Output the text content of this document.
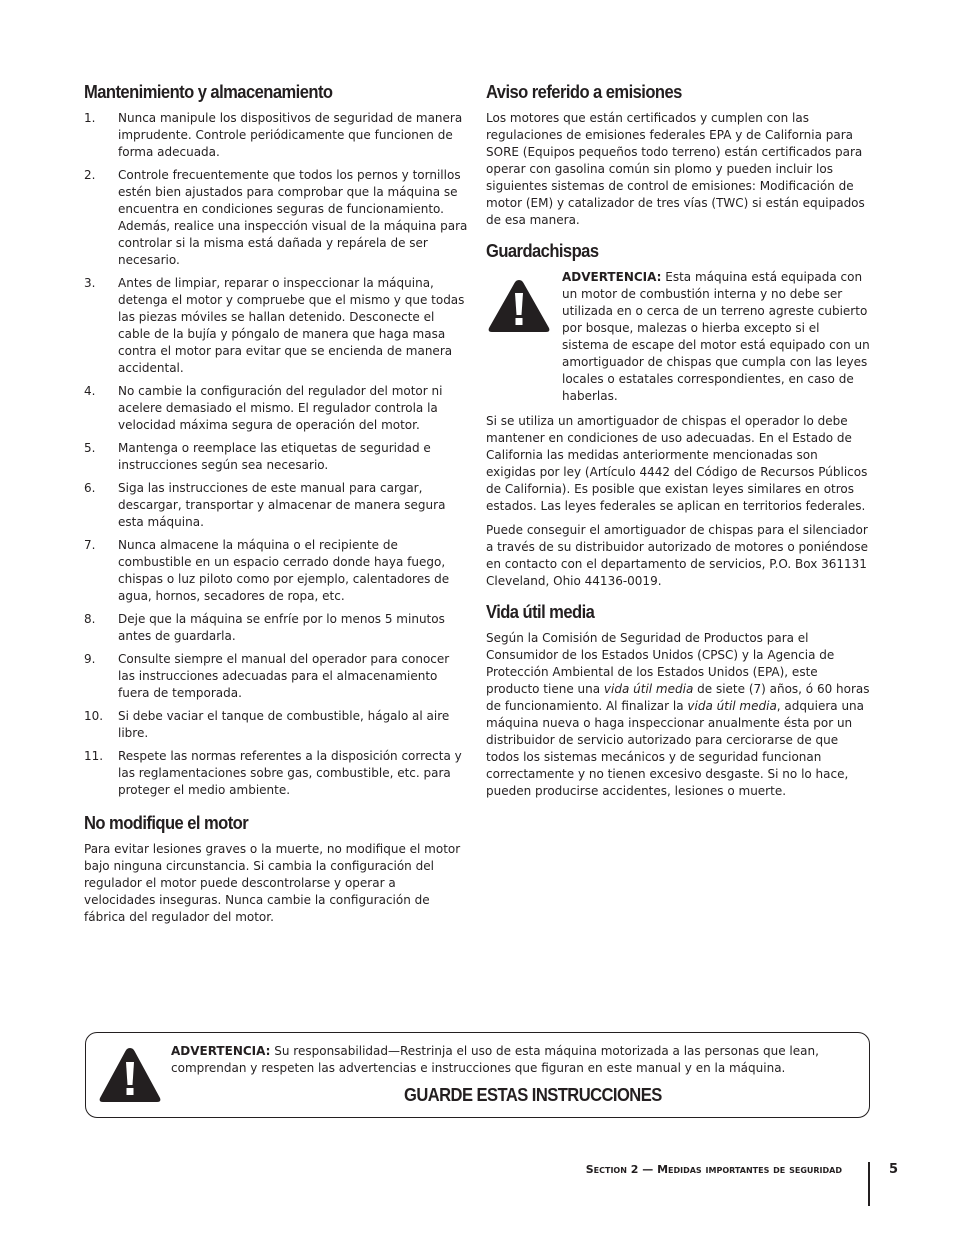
Mantenimiento y almacenamiento
1. Nunca manipule los dispositivos de seguridad de manera imprudente. Controle periódicamente que funcionen de forma adecuada.
2. Controle frecuentemente que todos los pernos y tornillos estén bien ajustados para comprobar que la máquina se encuentra en condiciones seguras de funcionamiento. Además, realice una inspección visual de la máquina para controlar si la misma está dañada y repárela de ser necesario.
3. Antes de limpiar, reparar o inspeccionar la máquina, detenga el motor y compruebe que el mismo y que todas las piezas móviles se hallan detenido. Desconecte el cable de la bujía y póngalo de manera que haga masa contra el motor para evitar que se encienda de manera accidental.
4. No cambie la configuración del regulador del motor ni acelere demasiado el mismo. El regulador controla la velocidad máxima segura de operación del motor.
5. Mantenga o reemplace las etiquetas de seguridad e instrucciones según sea necesario.
6. Siga las instrucciones de este manual para cargar, descargar, transportar y almacenar de manera segura esta máquina.
7. Nunca almacene la máquina o el recipiente de combustible en un espacio cerrado donde haya fuego, chispas o luz piloto como por ejemplo, calentadores de agua, hornos, secadores de ropa, etc.
8. Deje que la máquina se enfríe por lo menos 5 minutos antes de guardarla.
9. Consulte siempre el manual del operador para conocer las instrucciones adecuadas para el almacenamiento fuera de temporada.
10. Si debe vaciar el tanque de combustible, hágalo al aire libre.
11. Respete las normas referentes a la disposición correcta y las reglamentaciones sobre gas, combustible, etc. para proteger el medio ambiente.
No modifique el motor

Para evitar lesiones graves o la muerte, no modifique el motor bajo ninguna circunstancia. Si cambia la configuración del regulador el motor puede descontrolarse y operar a velocidades inseguras. Nunca cambie la configuración de fábrica del regulador del motor.

Aviso referido a emisiones

Los motores que están certificados y cumplen con las regulaciones de emisiones federales EPA y de California para SORE (Equipos pequeños todo terreno) están certificados para operar con gasolina común sin plomo y pueden incluir los siguientes sistemas de control de emisiones: Modificación de motor (EM) y catalizador de tres vías (TWC) si están equipados de esa manera.

Guardachispas

ADVERTENCIA: Esta máquina está equipada con un motor de combustión interna y no debe ser utilizada en o cerca de un terreno agreste cubierto por bosque, malezas o hierba excepto si el sistema de escape del motor está equipado con un amortiguador de chispas que cumpla con las leyes locales o estatales correspondientes, en caso de haberlas.

Si se utiliza un amortiguador de chispas el operador lo debe mantener en condiciones de uso adecuadas. En el Estado de California las medidas anteriormente mencionadas son exigidas por ley (Artículo 4442 del Código de Recursos Públicos de California). Es posible que existan leyes similares en otros estados. Las leyes federales se aplican en territorios federales.

Puede conseguir el amortiguador de chispas para el silenciador a través de su distribuidor autorizado de motores o poniéndose en contacto con el departamento de servicios, P.O. Box 361131 Cleveland, Ohio 44136-0019.

Vida útil media

Según la Comisión de Seguridad de Productos para el Consumidor de los Estados Unidos (CPSC) y la Agencia de Protección Ambiental de los Estados Unidos (EPA), este producto tiene una vida útil media de siete (7) años, ó 60 horas de funcionamiento. Al finalizar la vida útil media, adquiera una máquina nueva o haga inspeccionar anualmente ésta por un distribuidor de servicio autorizado para cerciorarse de que todos los sistemas mecánicos y de seguridad funcionan correctamente y no tienen excesivo desgaste. Si no lo hace, pueden producirse accidentes, lesiones o muerte.

ADVERTENCIA: Su responsabilidad—Restrinja el uso de esta máquina motorizada a las personas que lean, comprendan y respeten las advertencias e instrucciones que figuran en este manual y en la máquina.
GUARDE ESTAS INSTRUCCIONES
Section 2 — Medidas importantes de seguridad	5
